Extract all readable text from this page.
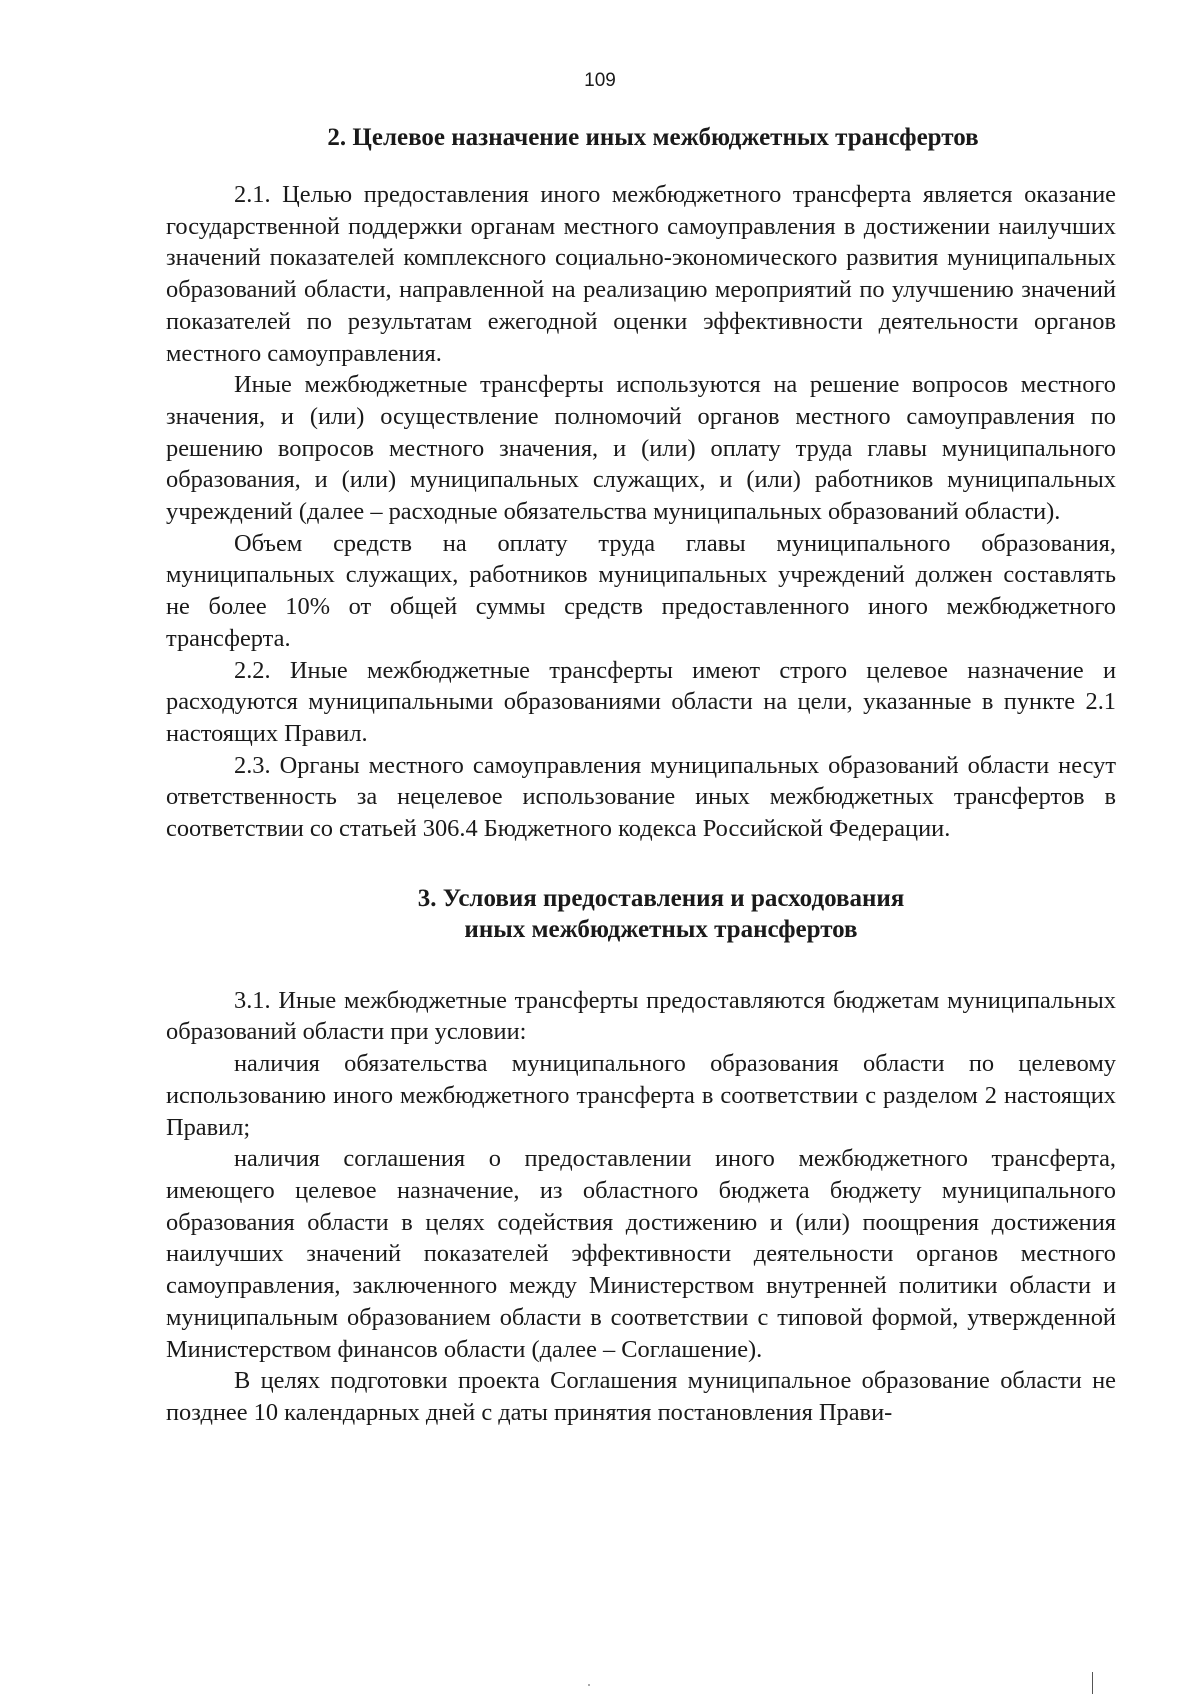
109
2. Целевое назначение иных межбюджетных трансфертов

2.1. Целью предоставления иного межбюджетного трансферта является оказание государственной поддержки органам местного самоуправления в достижении наилучших значений показателей комплексного социально-экономического развития муниципальных образований области, направленной на реализацию мероприятий по улучшению значений показателей по результатам ежегодной оценки эффективности деятельности органов местного самоуправления.

Иные межбюджетные трансферты используются на решение вопросов местного значения, и (или) осуществление полномочий органов местного самоуправления по решению вопросов местного значения, и (или) оплату труда главы муниципального образования, и (или) муниципальных служащих, и (или) работников муниципальных учреждений (далее – расходные обязательства муниципальных образований области).

Объем средств на оплату труда главы муниципального образования, муниципальных служащих, работников муниципальных учреждений должен составлять не более 10% от общей суммы средств предоставленного иного межбюджетного трансферта.

2.2. Иные межбюджетные трансферты имеют строго целевое назначение и расходуются муниципальными образованиями области на цели, указанные в пункте 2.1 настоящих Правил.

2.3. Органы местного самоуправления муниципальных образований области несут ответственность за нецелевое использование иных межбюджетных трансфертов в соответствии со статьей 306.4 Бюджетного кодекса Российской Федерации.

3. Условия предоставления и расходования
иных межбюджетных трансфертов

3.1. Иные межбюджетные трансферты предоставляются бюджетам муниципальных образований области при условии:

наличия обязательства муниципального образования области по целевому использованию иного межбюджетного трансферта в соответствии с разделом 2 настоящих Правил;

наличия соглашения о предоставлении иного межбюджетного трансферта, имеющего целевое назначение, из областного бюджета бюджету муниципального образования области в целях содействия достижению и (или) поощрения достижения наилучших значений показателей эффективности деятельности органов местного самоуправления, заключенного между Министерством внутренней политики области и муниципальным образованием области в соответствии с типовой формой, утвержденной Министерством финансов области (далее – Соглашение).

В целях подготовки проекта Соглашения муниципальное образование области не позднее 10 календарных дней с даты принятия постановления Прави-
